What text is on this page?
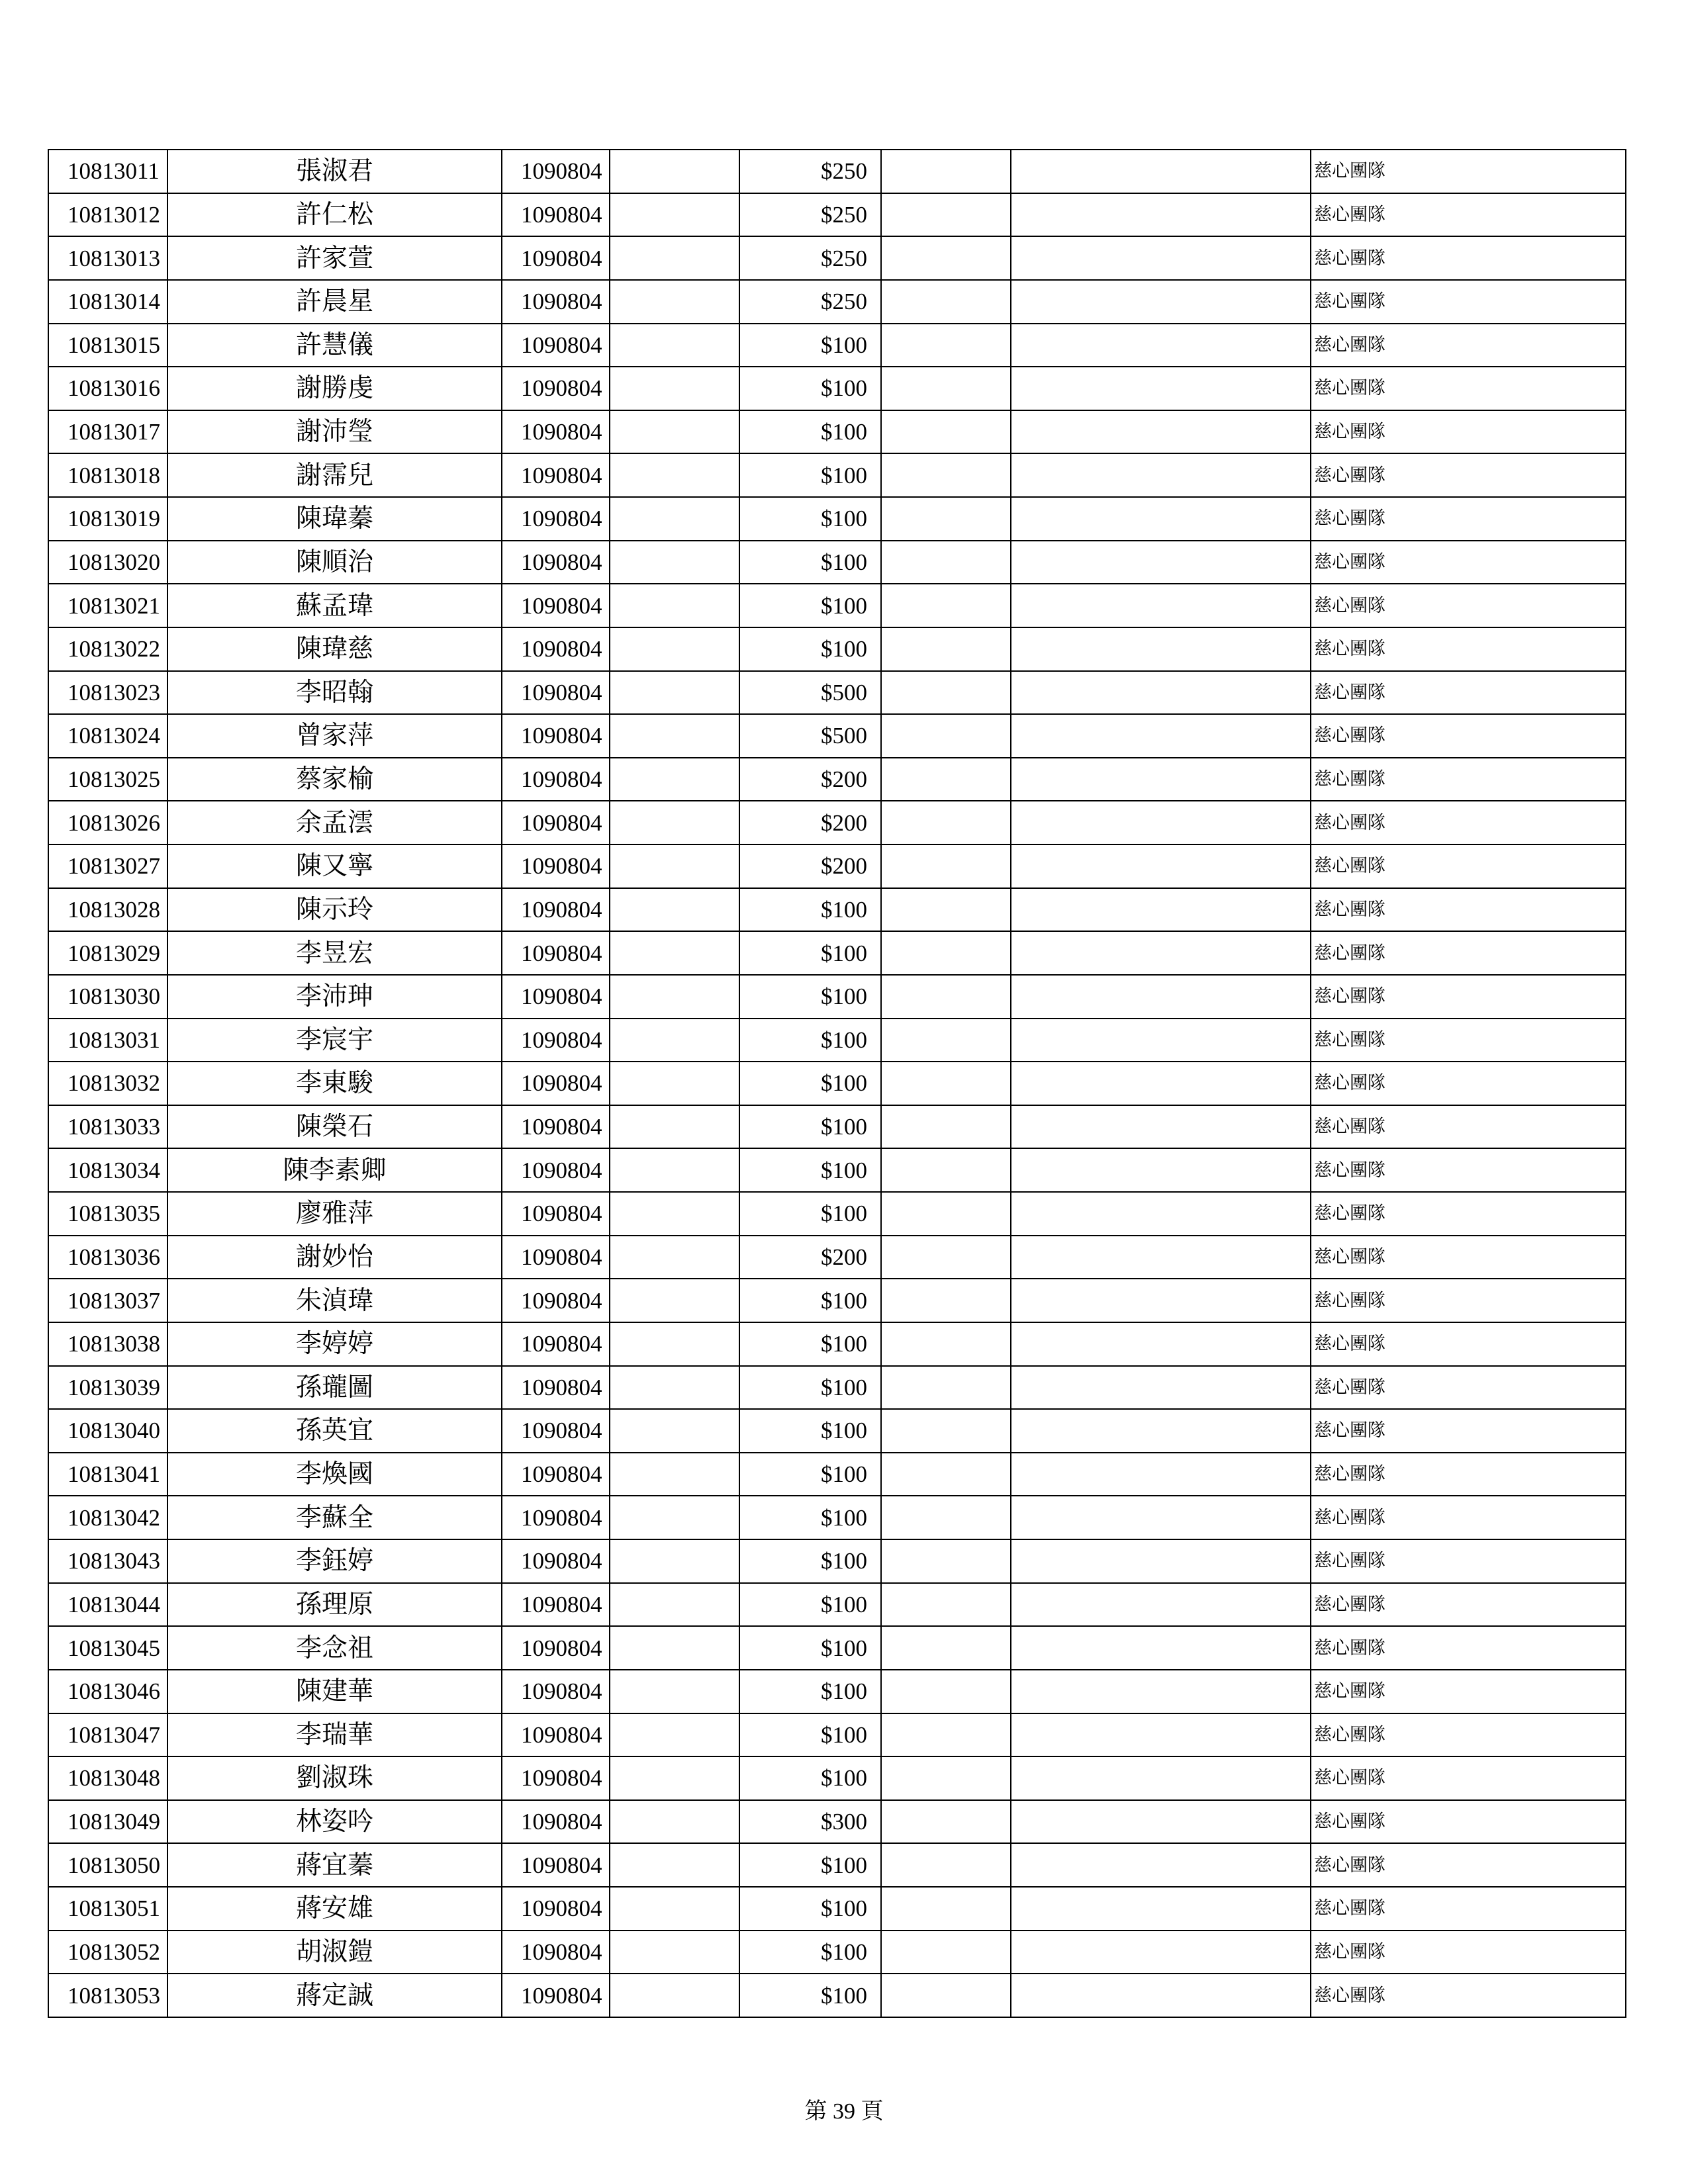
10813011	張淑君	1090804		$250			慈心團隊
10813012	許仁松	1090804		$250			慈心團隊
10813013	許家萱	1090804		$250			慈心團隊
10813014	許晨星	1090804		$250			慈心團隊
10813015	許慧儀	1090804		$100			慈心團隊
10813016	謝勝虔	1090804		$100			慈心團隊
10813017	謝沛瑩	1090804		$100			慈心團隊
10813018	謝霈兒	1090804		$100			慈心團隊
10813019	陳瑋蓁	1090804		$100			慈心團隊
10813020	陳順治	1090804		$100			慈心團隊
10813021	蘇孟瑋	1090804		$100			慈心團隊
10813022	陳瑋慈	1090804		$100			慈心團隊
10813023	李昭翰	1090804		$500			慈心團隊
10813024	曾家萍	1090804		$500			慈心團隊
10813025	蔡家榆	1090804		$200			慈心團隊
10813026	余孟澐	1090804		$200			慈心團隊
10813027	陳又寧	1090804		$200			慈心團隊
10813028	陳示玲	1090804		$100			慈心團隊
10813029	李昱宏	1090804		$100			慈心團隊
10813030	李沛珅	1090804		$100			慈心團隊
10813031	李宸宇	1090804		$100			慈心團隊
10813032	李東駿	1090804		$100			慈心團隊
10813033	陳榮石	1090804		$100			慈心團隊
10813034	陳李素卿	1090804		$100			慈心團隊
10813035	廖雅萍	1090804		$100			慈心團隊
10813036	謝妙怡	1090804		$200			慈心團隊
10813037	朱湞瑋	1090804		$100			慈心團隊
10813038	李婷婷	1090804		$100			慈心團隊
10813039	孫瓏圖	1090804		$100			慈心團隊
10813040	孫英宜	1090804		$100			慈心團隊
10813041	李煥國	1090804		$100			慈心團隊
10813042	李蘇全	1090804		$100			慈心團隊
10813043	李鈺婷	1090804		$100			慈心團隊
10813044	孫理原	1090804		$100			慈心團隊
10813045	李念祖	1090804		$100			慈心團隊
10813046	陳建華	1090804		$100			慈心團隊
10813047	李瑞華	1090804		$100			慈心團隊
10813048	劉淑珠	1090804		$100			慈心團隊
10813049	林姿吟	1090804		$300			慈心團隊
10813050	蔣宜蓁	1090804		$100			慈心團隊
10813051	蔣安雄	1090804		$100			慈心團隊
10813052	胡淑鎧	1090804		$100			慈心團隊
10813053	蔣定誠	1090804		$100			慈心團隊
第 39 頁
